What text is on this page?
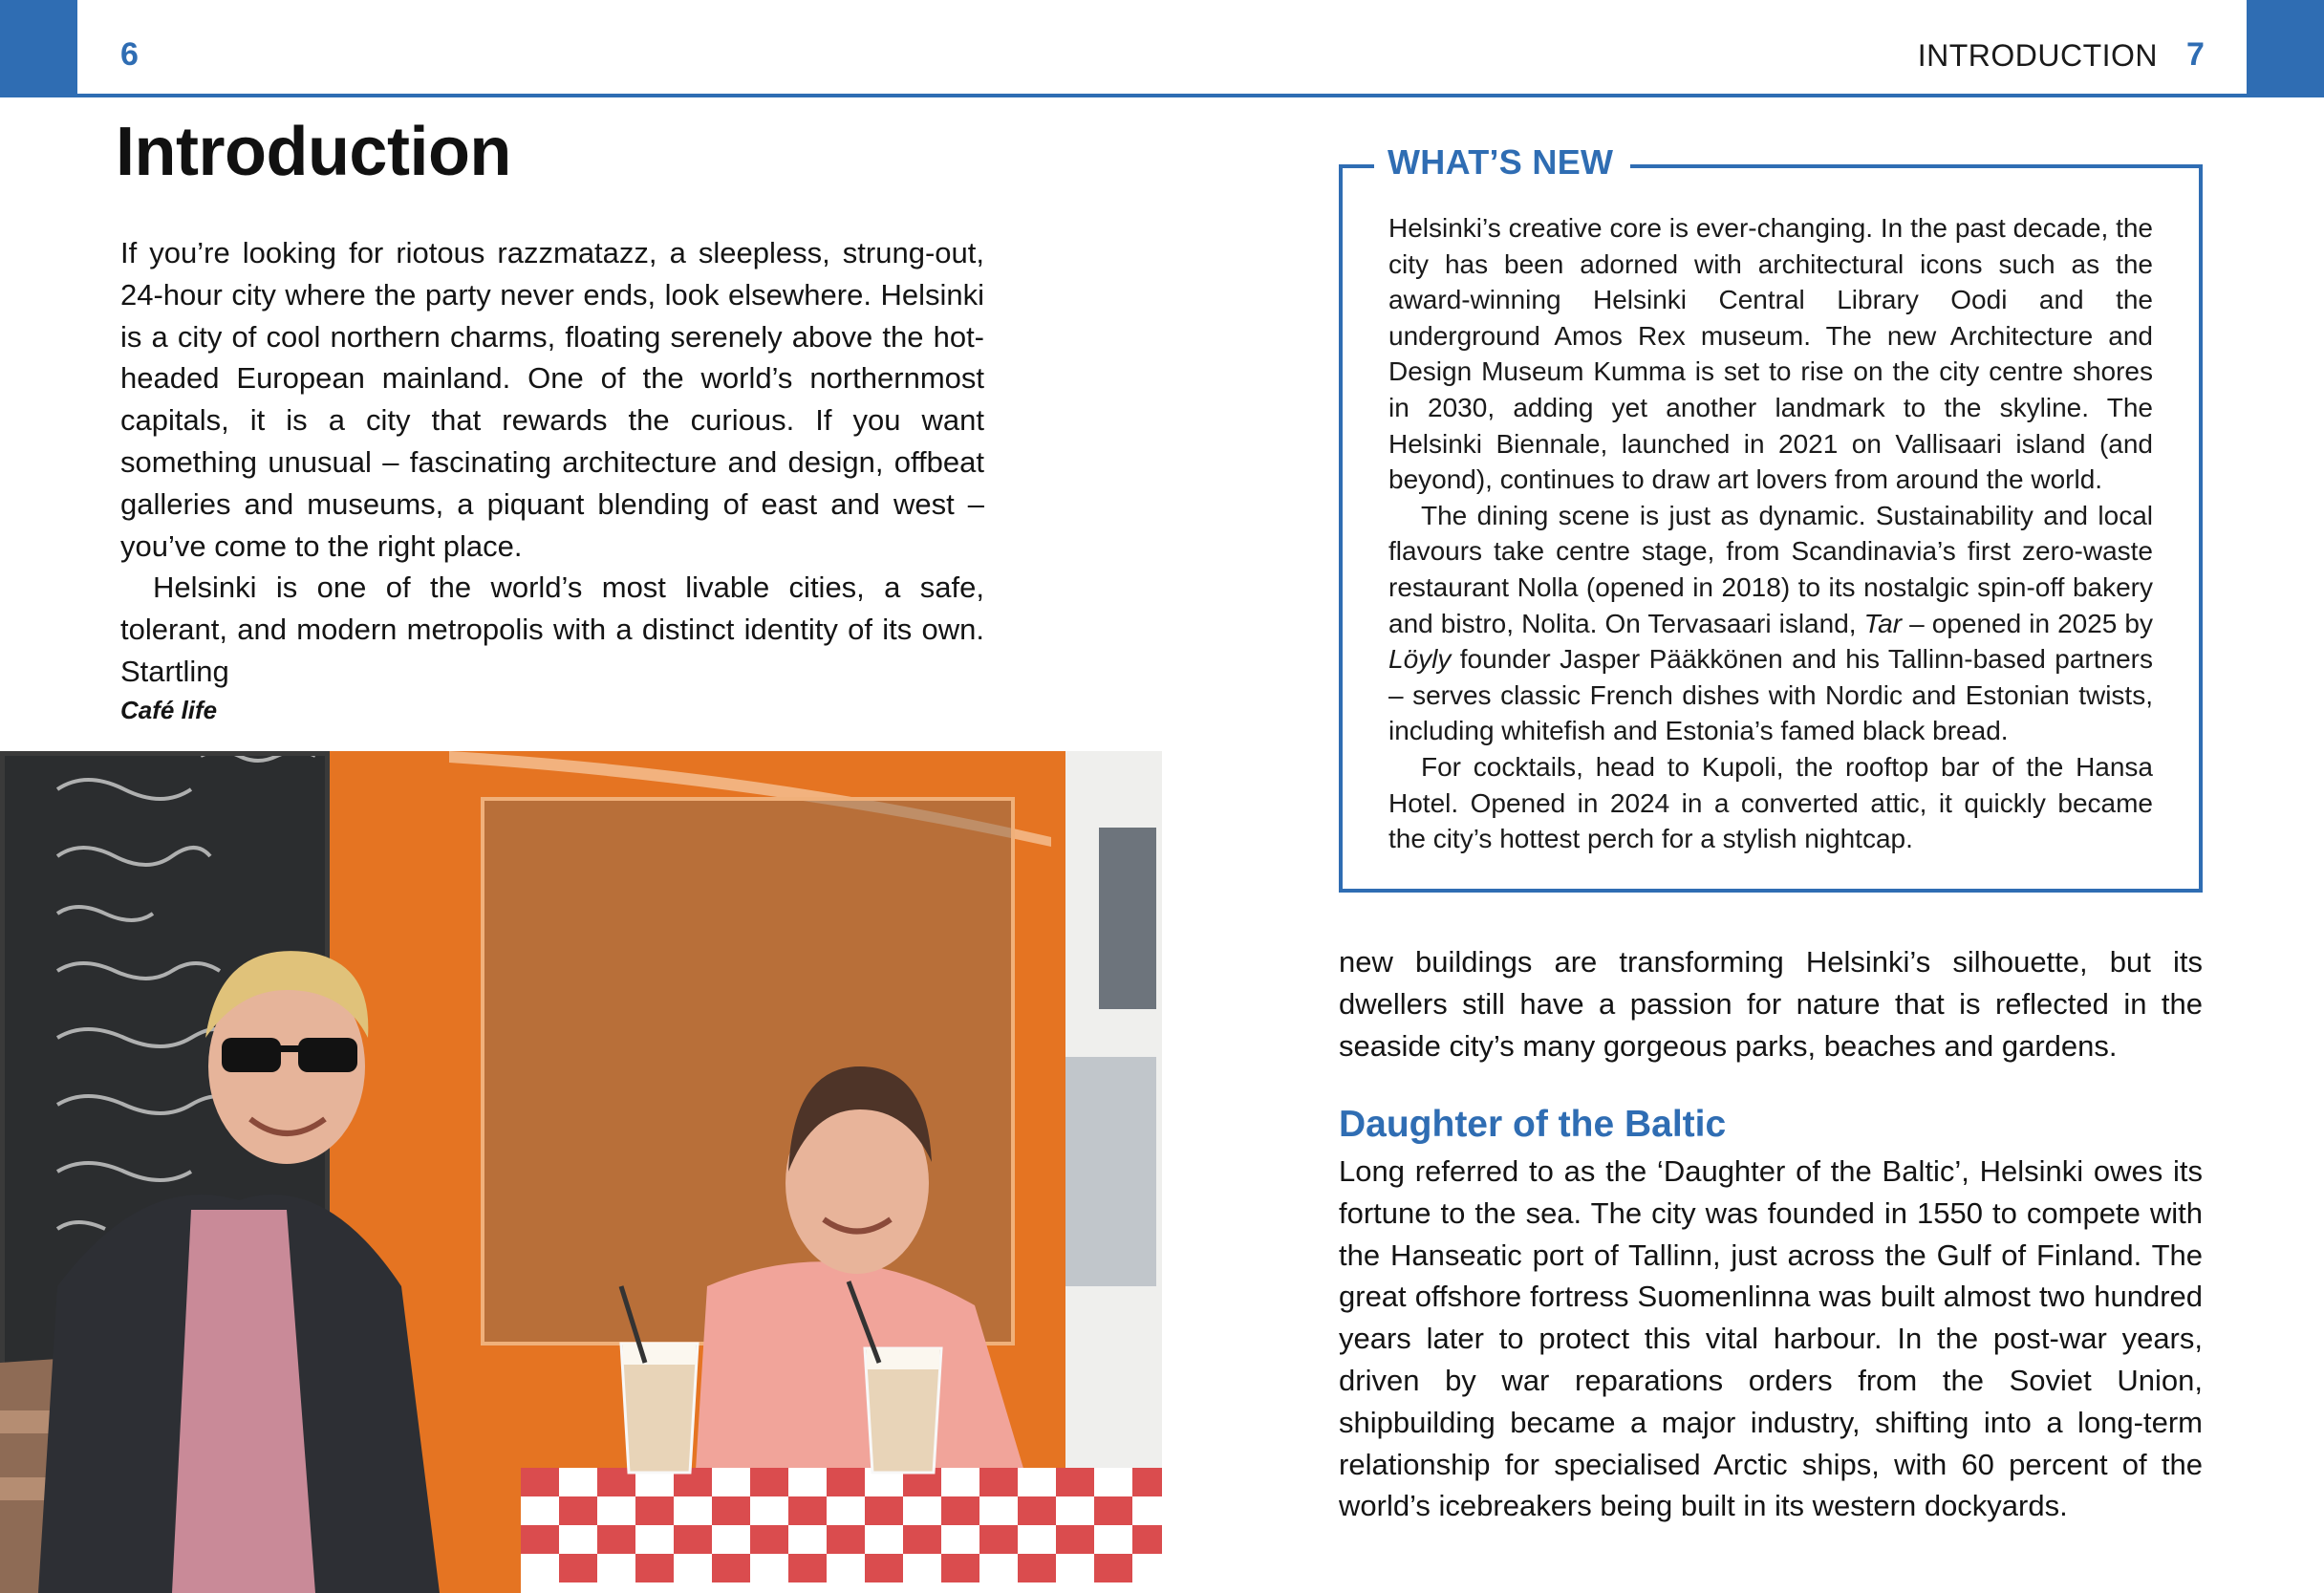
6	INTRODUCTION 7
Introduction

If you’re looking for riotous razzmatazz, a sleepless, strung-out, 24-hour city where the party never ends, look elsewhere. Helsinki is a city of cool northern charms, floating serenely above the hot-headed European mainland. One of the world’s northernmost capitals, it is a city that rewards the curious. If you want something unusual – fascinating architecture and design, offbeat galleries and museums, a piquant blending of east and west – you’ve come to the right place.

Helsinki is one of the world’s most livable cities, a safe, tolerant, and modern metropolis with a distinct identity of its own. Startling

Café life
WHAT’S NEW

Helsinki’s creative core is ever-changing. In the past decade, the city has been adorned with architectural icons such as the award-winning Helsinki Central Library Oodi and the underground Amos Rex museum. The new Architecture and Design Museum Kumma is set to rise on the city centre shores in 2030, adding yet another landmark to the skyline. The Helsinki Biennale, launched in 2021 on Vallisaari island (and beyond), continues to draw art lovers from around the world.

The dining scene is just as dynamic. Sustainability and local flavours take centre stage, from Scandinavia’s first zero-waste restaurant Nolla (opened in 2018) to its nostalgic spin-off bakery and bistro, Nolita. On Tervasaari island, Tar – opened in 2025 by Löyly founder Jasper Pääkkönen and his Tallinn-based partners – serves classic French dishes with Nordic and Estonian twists, including whitefish and Estonia’s famed black bread.

For cocktails, head to Kupoli, the rooftop bar of the Hansa Hotel. Opened in 2024 in a converted attic, it quickly became the city’s hottest perch for a stylish nightcap.

new buildings are transforming Helsinki’s silhouette, but its dwellers still have a passion for nature that is reflected in the seaside city’s many gorgeous parks, beaches and gardens.

Daughter of the Baltic

Long referred to as the ‘Daughter of the Baltic’, Helsinki owes its fortune to the sea. The city was founded in 1550 to compete with the Hanseatic port of Tallinn, just across the Gulf of Finland. The great offshore fortress Suomenlinna was built almost two hundred years later to protect this vital harbour. In the post-war years, driven by war reparations orders from the Soviet Union, shipbuilding became a major industry, shifting into a long-term relationship for specialised Arctic ships, with 60 percent of the world’s icebreakers being built in its western dockyards.
